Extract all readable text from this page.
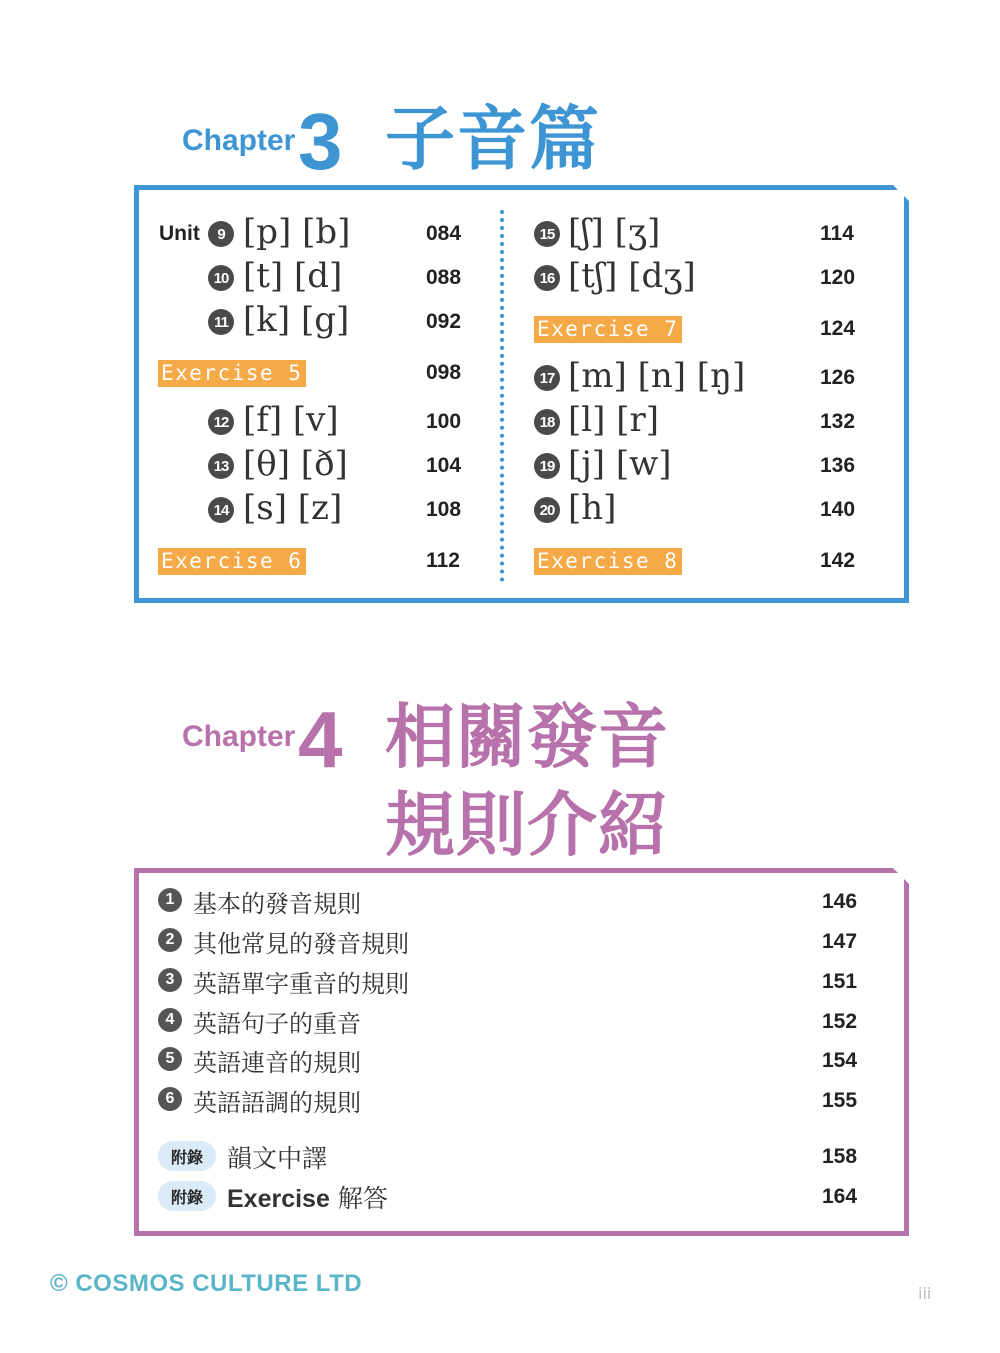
Chapter 3 子音篇
Unit	9 [p] [b]	084
10 [t] [d]	088
11 [k] [g]	092
Exercise 5	098
12 [f] [v]	100
13 [θ] [ð]	104
14 [s] [z]	108
Exercise 6	112
15 [ʃ] [ʒ]	114
16 [tʃ] [dʒ]	120
Exercise 7	124
17 [m] [n] [ŋ]	126
18 [l] [r]	132
19 [j] [w]	136
20 [h]	140
Exercise 8	142
Chapter 4 相關發音
規則介紹
1 基本的發音規則	146
2 其他常見的發音規則	147
3 英語單字重音的規則	151
4 英語句子的重音	152
5 英語連音的規則	154
6 英語語調的規則	155
附錄 韻文中譯	158
附錄 Exercise 解答	164
© COSMOS CULTURE LTD	iii
